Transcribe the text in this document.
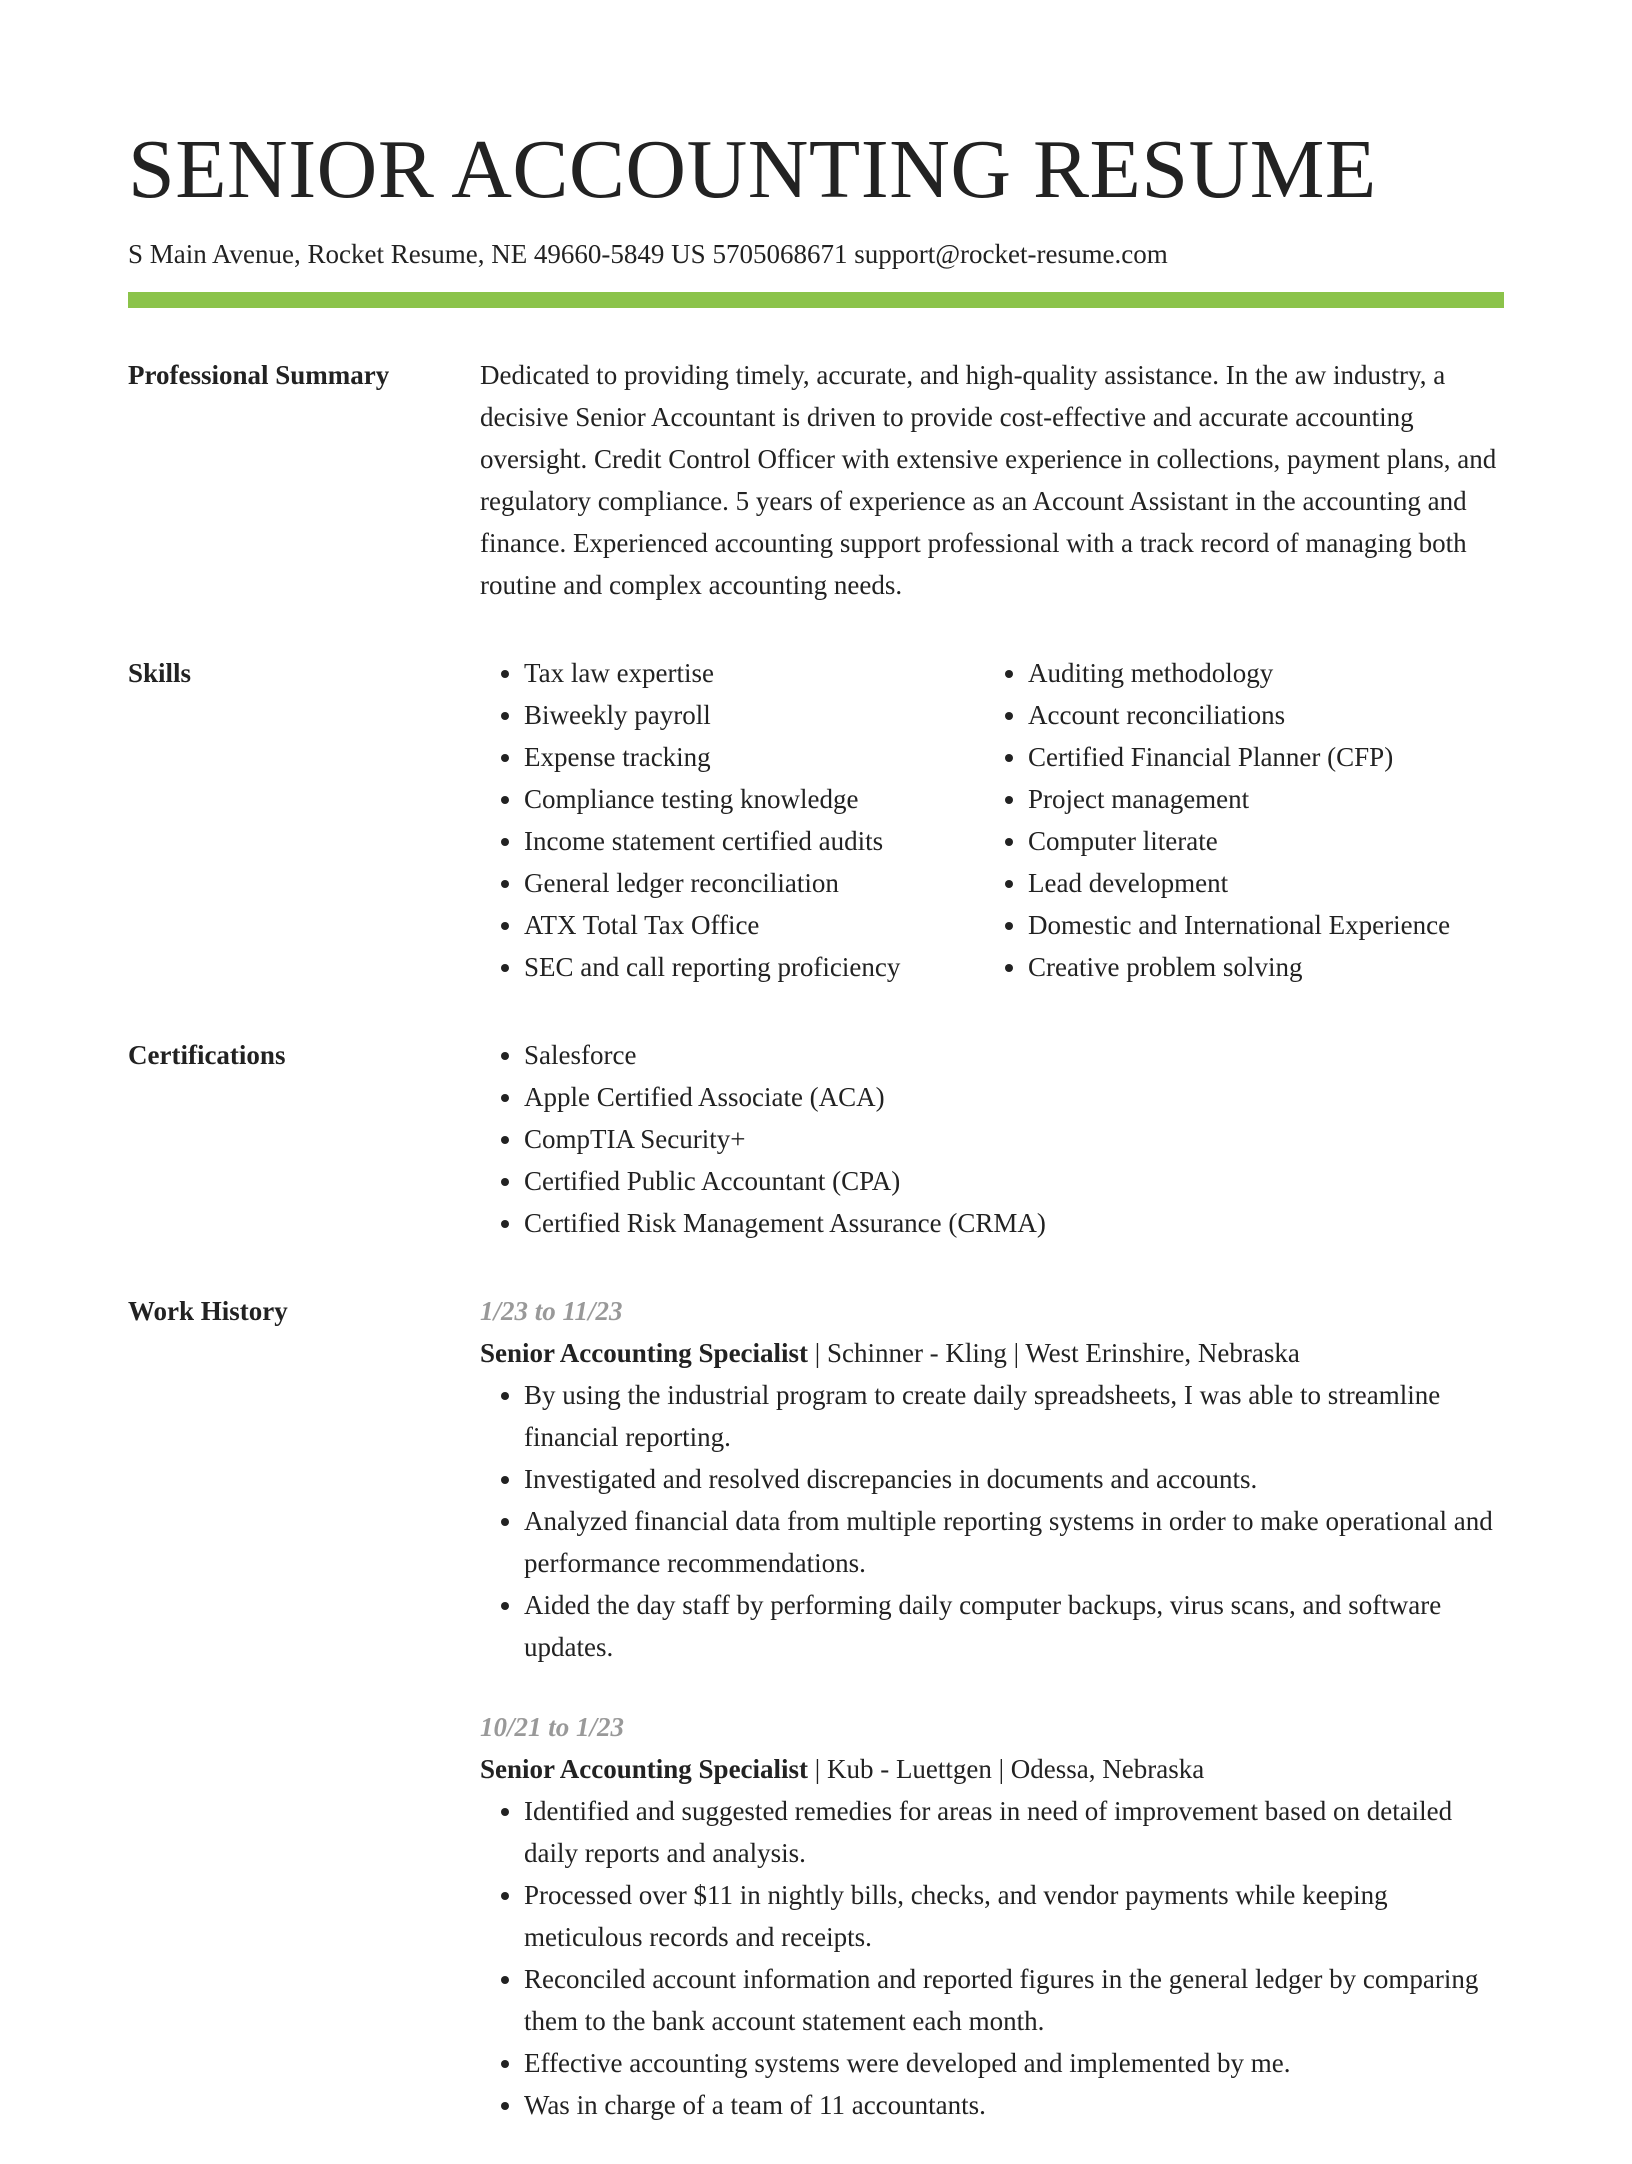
SENIOR ACCOUNTING RESUME
S Main Avenue, Rocket Resume, NE 49660-5849 US 5705068671 support@rocket-resume.com
Professional Summary	Dedicated to providing timely, accurate, and high-quality assistance. In the aw industry, a decisive Senior Accountant is driven to provide cost-effective and accurate accounting oversight. Credit Control Officer with extensive experience in collections, payment plans, and regulatory compliance. 5 years of experience as an Account Assistant in the accounting and finance. Experienced accounting support professional with a track record of managing both routine and complex accounting needs.

Skills	• Tax law expertise
• Biweekly payroll
• Expense tracking
• Compliance testing knowledge
• Income statement certified audits
• General ledger reconciliation
• ATX Total Tax Office
• SEC and call reporting proficiency
• Auditing methodology
• Account reconciliations
• Certified Financial Planner (CFP)
• Project management
• Computer literate
• Lead development
• Domestic and International Experience
• Creative problem solving
Certifications	• Salesforce
• Apple Certified Associate (ACA)
• CompTIA Security+
• Certified Public Accountant (CPA)
• Certified Risk Management Assurance (CRMA)
Work History	1/23 to 11/23
Senior Accounting Specialist | Schinner - Kling | West Erinshire, Nebraska
• By using the industrial program to create daily spreadsheets, I was able to streamline financial reporting.
• Investigated and resolved discrepancies in documents and accounts.
• Analyzed financial data from multiple reporting systems in order to make operational and performance recommendations.
• Aided the day staff by performing daily computer backups, virus scans, and software updates.
10/21 to 1/23
Senior Accounting Specialist | Kub - Luettgen | Odessa, Nebraska
• Identified and suggested remedies for areas in need of improvement based on detailed daily reports and analysis.
• Processed over $11 in nightly bills, checks, and vendor payments while keeping meticulous records and receipts.
• Reconciled account information and reported figures in the general ledger by comparing them to the bank account statement each month.
• Effective accounting systems were developed and implemented by me.
• Was in charge of a team of 11 accountants.
